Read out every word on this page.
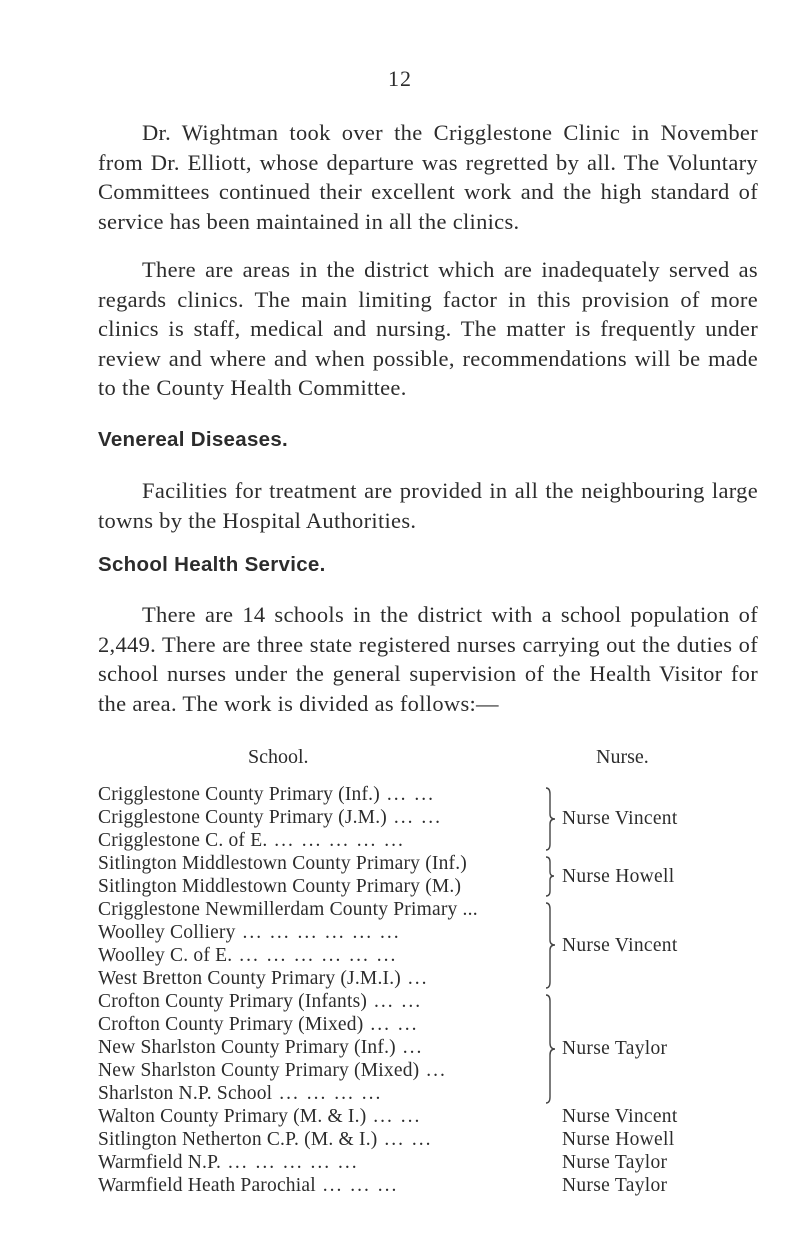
12

Dr. Wightman took over the Crigglestone Clinic in November from Dr. Elliott, whose departure was regretted by all. The Voluntary Committees continued their excellent work and the high standard of service has been maintained in all the clinics.

There are areas in the district which are inadequately served as regards clinics. The main limiting factor in this provision of more clinics is staff, medical and nursing. The matter is frequently under review and where and when possible, recommendations will be made to the County Health Committee.

Venereal Diseases.

Facilities for treatment are provided in all the neighbouring large towns by the Hospital Authorities.

School Health Service.

There are 14 schools in the district with a school population of 2,449. There are three state registered nurses carrying out the duties of school nurses under the general supervision of the Health Visitor for the area. The work is divided as follows:—

School.	Nurse.
Crigglestone County Primary (Inf.) ... ...
Crigglestone County Primary (J.M.) ... ...
Crigglestone C. of E. ... ... ... ... ...
Sitlington Middlestown County Primary (Inf.)
Sitlington Middlestown County Primary (M.)
Crigglestone Newmillerdam County Primary ...
Woolley Colliery ... ... ... ... ... ...
Woolley C. of E. ... ... ... ... ... ...
West Bretton County Primary (J.M.I.) ...
Crofton County Primary (Infants) ... ...
Crofton County Primary (Mixed) ... ...
New Sharlston County Primary (Inf.) ...
New Sharlston County Primary (Mixed) ...
Sharlston N.P. School ... ... ... ...
Walton County Primary (M. & I.) ... ...
Sitlington Netherton C.P. (M. & I.) ... ...
Warmfield N.P. ... ... ... ... ...
Warmfield Heath Parochial ... ... ...
Nurse Vincent
Nurse Howell
Nurse Vincent
Nurse Taylor
Nurse Vincent
Nurse Howell
Nurse Taylor
Nurse Taylor
